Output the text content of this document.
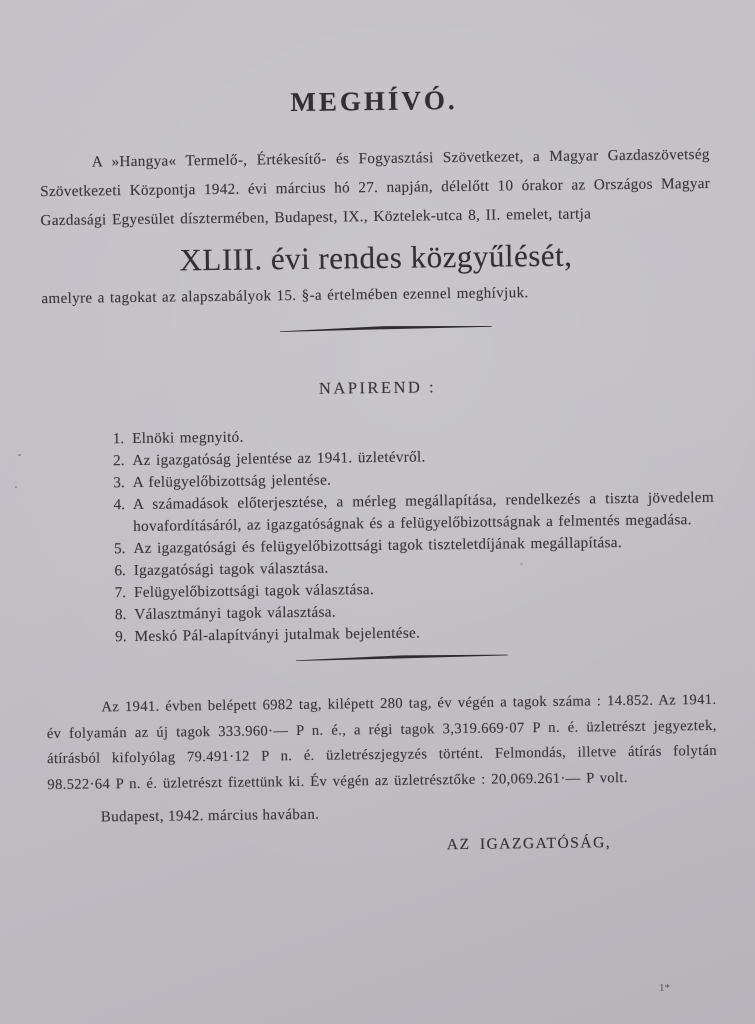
MEGHÍVÓ.

A »Hangya« Termelő-, Értékesítő- és Fogyasztási Szövetkezet, a Magyar Gazdaszövetség Szövetkezeti Központja 1942. évi március hó 27. napján, délelőtt 10 órakor az Országos Magyar Gazdasági Egyesület dísztermében, Budapest, IX., Köztelek-utca 8, II. emelet, tartja

XLIII. évi rendes közgyűlését,

amelyre a tagokat az alapszabályok 15. §-a értelmében ezennel meghívjuk.

NAPIREND :
1. Elnöki megnyitó.
2. Az igazgatóság jelentése az 1941. üzletévről.
3. A felügyelőbizottság jelentése.
4. A számadások előterjesztése, a mérleg megállapítása, rendelkezés a tiszta jövedelem hovafordításáról, az igazgatóságnak és a felügyelőbizottságnak a felmentés megadása.
5. Az igazgatósági és felügyelőbizottsági tagok tiszteletdíjának megállapítása.
6. Igazgatósági tagok választása.
7. Felügyelőbizottsági tagok választása.
8. Választmányi tagok választása.
9. Meskó Pál-alapítványi jutalmak bejelentése.

Az 1941. évben belépett 6982 tag, kilépett 280 tag, év végén a tagok száma : 14.852. Az 1941. év folyamán az új tagok 333.960·— P n. é., a régi tagok 3,319.669·07 P n. é. üzletrészt jegyeztek, átírásból kifolyólag 79.491·12 P n. é. üzletrészjegyzés történt. Felmondás, illetve átírás folytán 98.522·64 P n. é. üzletrészt fizettünk ki. Év végén az üzletrésztőke : 20,069.261·— P volt.

Budapest, 1942. március havában.

AZ IGAZGATÓSÁG,

1*
